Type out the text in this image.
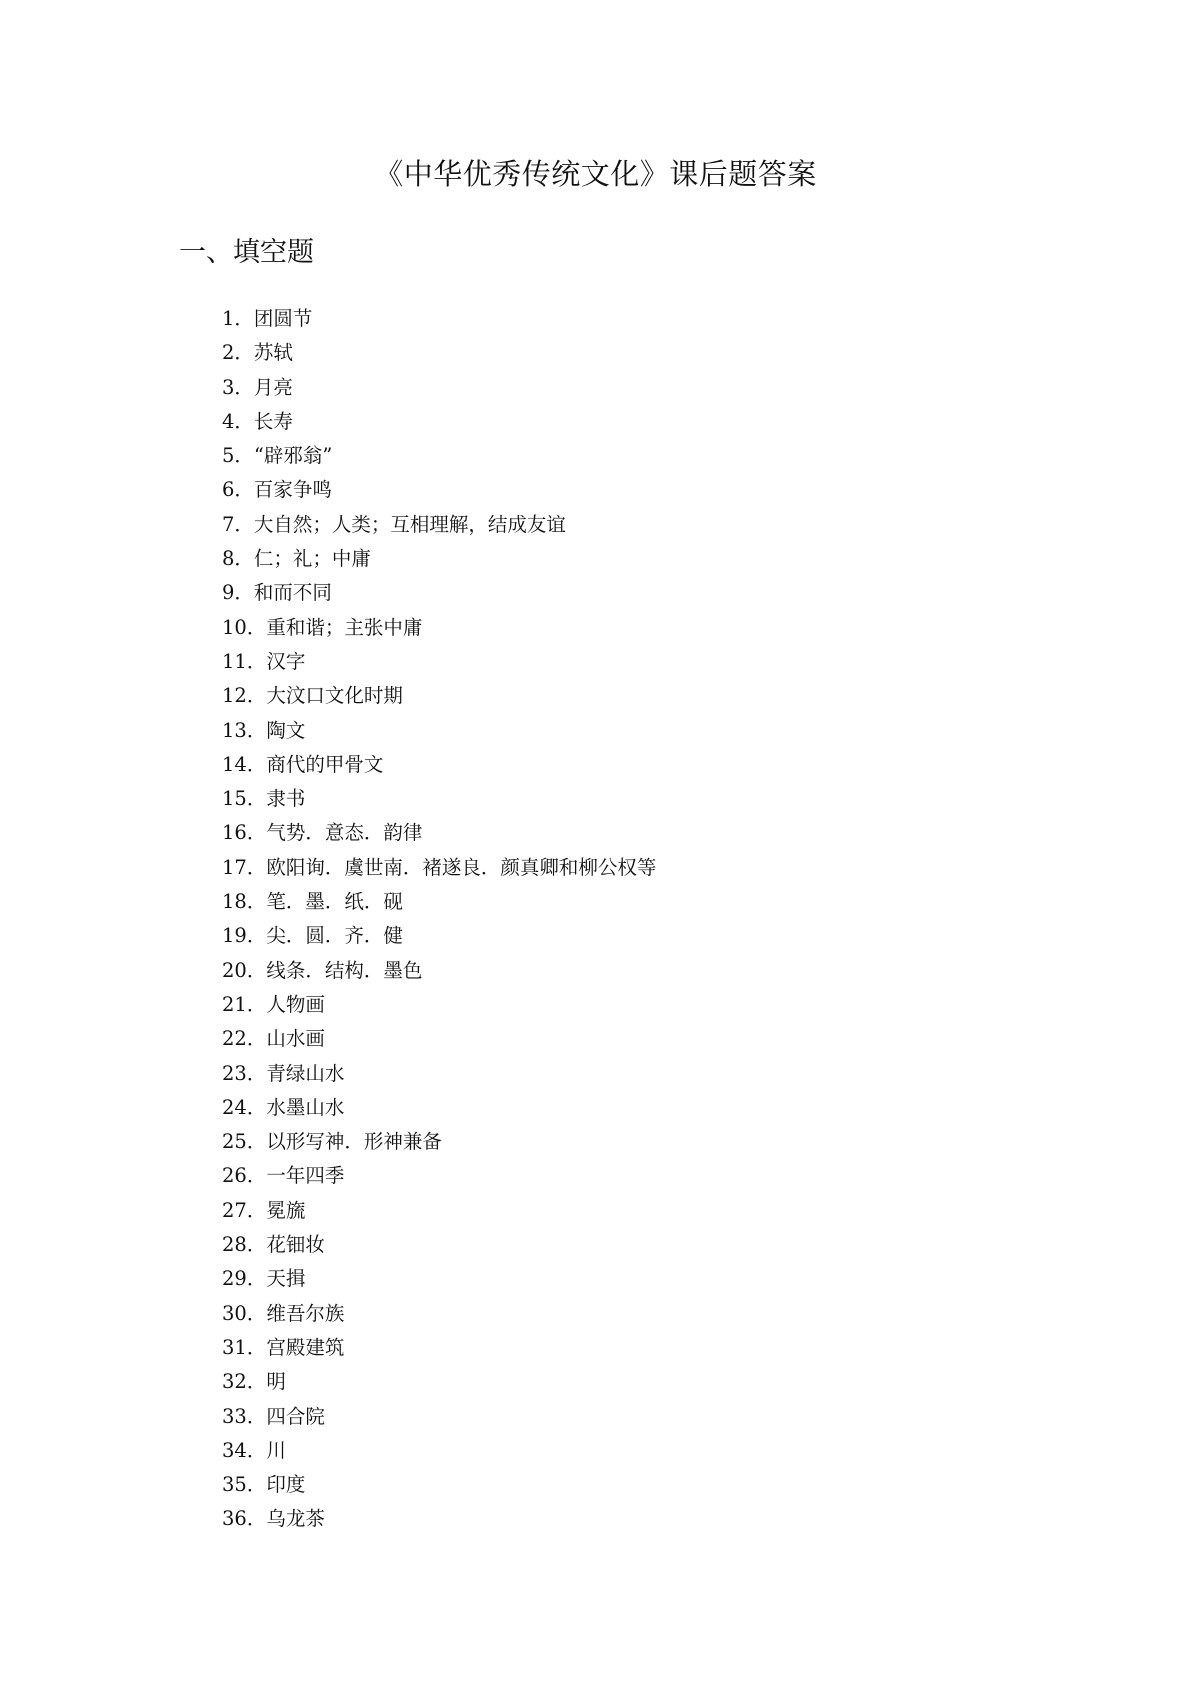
《中华优秀传统文化》课后题答案
一、填空题
1．团圆节
2．苏轼
3．月亮
4．长寿
5．“辟邪翁”
6．百家争鸣
7．大自然；人类；互相理解，结成友谊
8．仁；礼；中庸
9．和而不同
10．重和谐；主张中庸
11．汉字
12．大汶口文化时期
13．陶文
14．商代的甲骨文
15．隶书
16．气势．意态．韵律
17．欧阳询．虞世南．褚遂良．颜真卿和柳公权等
18．笔．墨．纸．砚
19．尖．圆．齐．健
20．线条．结构．墨色
21．人物画
22．山水画
23．青绿山水
24．水墨山水
25．以形写神．形神兼备
26．一年四季
27．冕旒
28．花钿妆
29．天揖
30．维吾尔族
31．宫殿建筑
32．明
33．四合院
34．川
35．印度
36．乌龙茶
